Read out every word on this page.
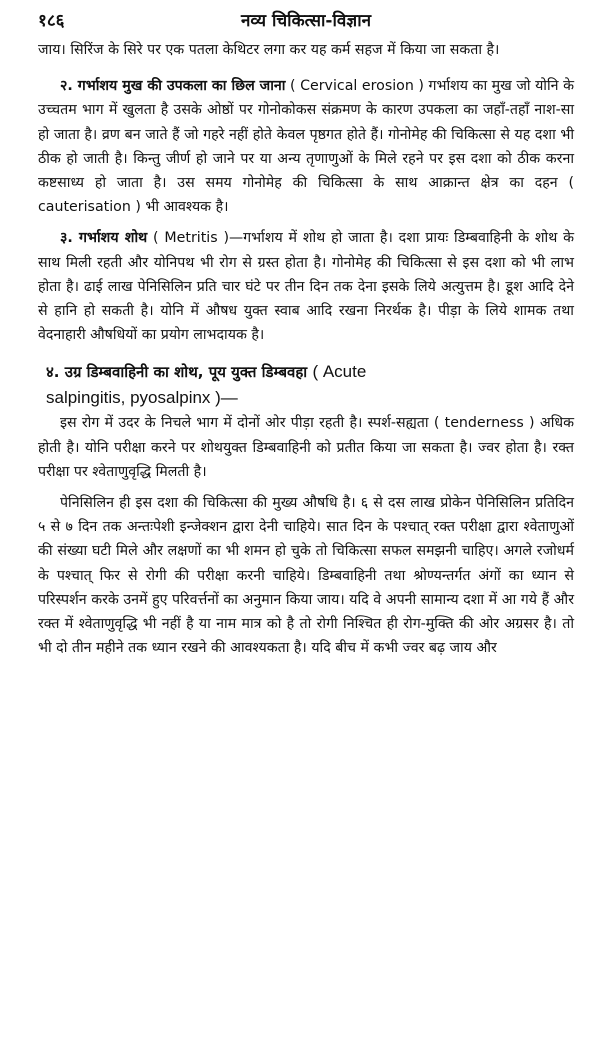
१८६	नव्य चिकित्सा-विज्ञान

जाय। सिरिंज के सिरे पर एक पतला केथिटर लगा कर यह कर्म सहज में किया जा सकता है।

२. गर्भाशय मुख की उपकला का छिल जाना ( Cervical erosion ) गर्भाशय का मुख जो योनि के उच्चतम भाग में खुलता है उसके ओष्ठों पर गोनोकोकस संक्रमण के कारण उपकला का जहाँ-तहाँ नाश-सा हो जाता है। व्रण बन जाते हैं जो गहरे नहीं होते केवल पृष्ठगत होते हैं। गोनोमेह की चिकित्सा से यह दशा भी ठीक हो जाती है। किन्तु जीर्ण हो जाने पर या अन्य तृणाणुओं के मिले रहने पर इस दशा को ठीक करना कष्टसाध्य हो जाता है। उस समय गोनोमेह की चिकित्सा के साथ आक्रान्त क्षेत्र का दहन ( cauterisation ) भी आवश्यक है।

३. गर्भाशय शोथ ( Metritis )—गर्भाशय में शोथ हो जाता है। दशा प्रायः डिम्बवाहिनी के शोथ के साथ मिली रहती और योनिपथ भी रोग से ग्रस्त होता है। गोनोमेह की चिकित्सा से इस दशा को भी लाभ होता है। ढाई लाख पेनिसिलिन प्रति चार घंटे पर तीन दिन तक देना इसके लिये अत्युत्तम है। डूश आदि देने से हानि हो सकती है। योनि में औषध युक्त स्वाब आदि रखना निरर्थक है। पीड़ा के लिये शामक तथा वेदनाहारी औषधियों का प्रयोग लाभदायक है।

४. उग्र डिम्बवाहिनी का शोथ, पूय युक्त डिम्बवहा ( Acute

salpingitis, pyosalpinx )—

इस रोग में उदर के निचले भाग में दोनों ओर पीड़ा रहती है। स्पर्श-सह्यता ( tenderness ) अधिक होती है। योनि परीक्षा करने पर शोथयुक्त डिम्बवाहिनी को प्रतीत किया जा सकता है। ज्वर होता है। रक्त परीक्षा पर श्वेताणुवृद्धि मिलती है।

पेनिसिलिन ही इस दशा की चिकित्सा की मुख्य औषधि है। ६ से दस लाख प्रोकेन पेनिसिलिन प्रतिदिन ५ से ७ दिन तक अन्तःपेशी इन्जेक्शन द्वारा देनी चाहिये। सात दिन के पश्चात् रक्त परीक्षा द्वारा श्वेताणुओं की संख्या घटी मिले और लक्षणों का भी शमन हो चुके तो चिकित्सा सफल समझनी चाहिए। अगले रजोधर्म के पश्चात् फिर से रोगी की परीक्षा करनी चाहिये। डिम्बवाहिनी तथा श्रोण्यन्तर्गत अंगों का ध्यान से परिस्पर्शन करके उनमें हुए परिवर्त्तनों का अनुमान किया जाय। यदि वे अपनी सामान्य दशा में आ गये हैं और रक्त में श्वेताणुवृद्धि भी नहीं है या नाम मात्र को है तो रोगी निश्चित ही रोग-मुक्ति की ओर अग्रसर है। तो भी दो तीन महीने तक ध्यान रखने की आवश्यकता है। यदि बीच में कभी ज्वर बढ़ जाय और
